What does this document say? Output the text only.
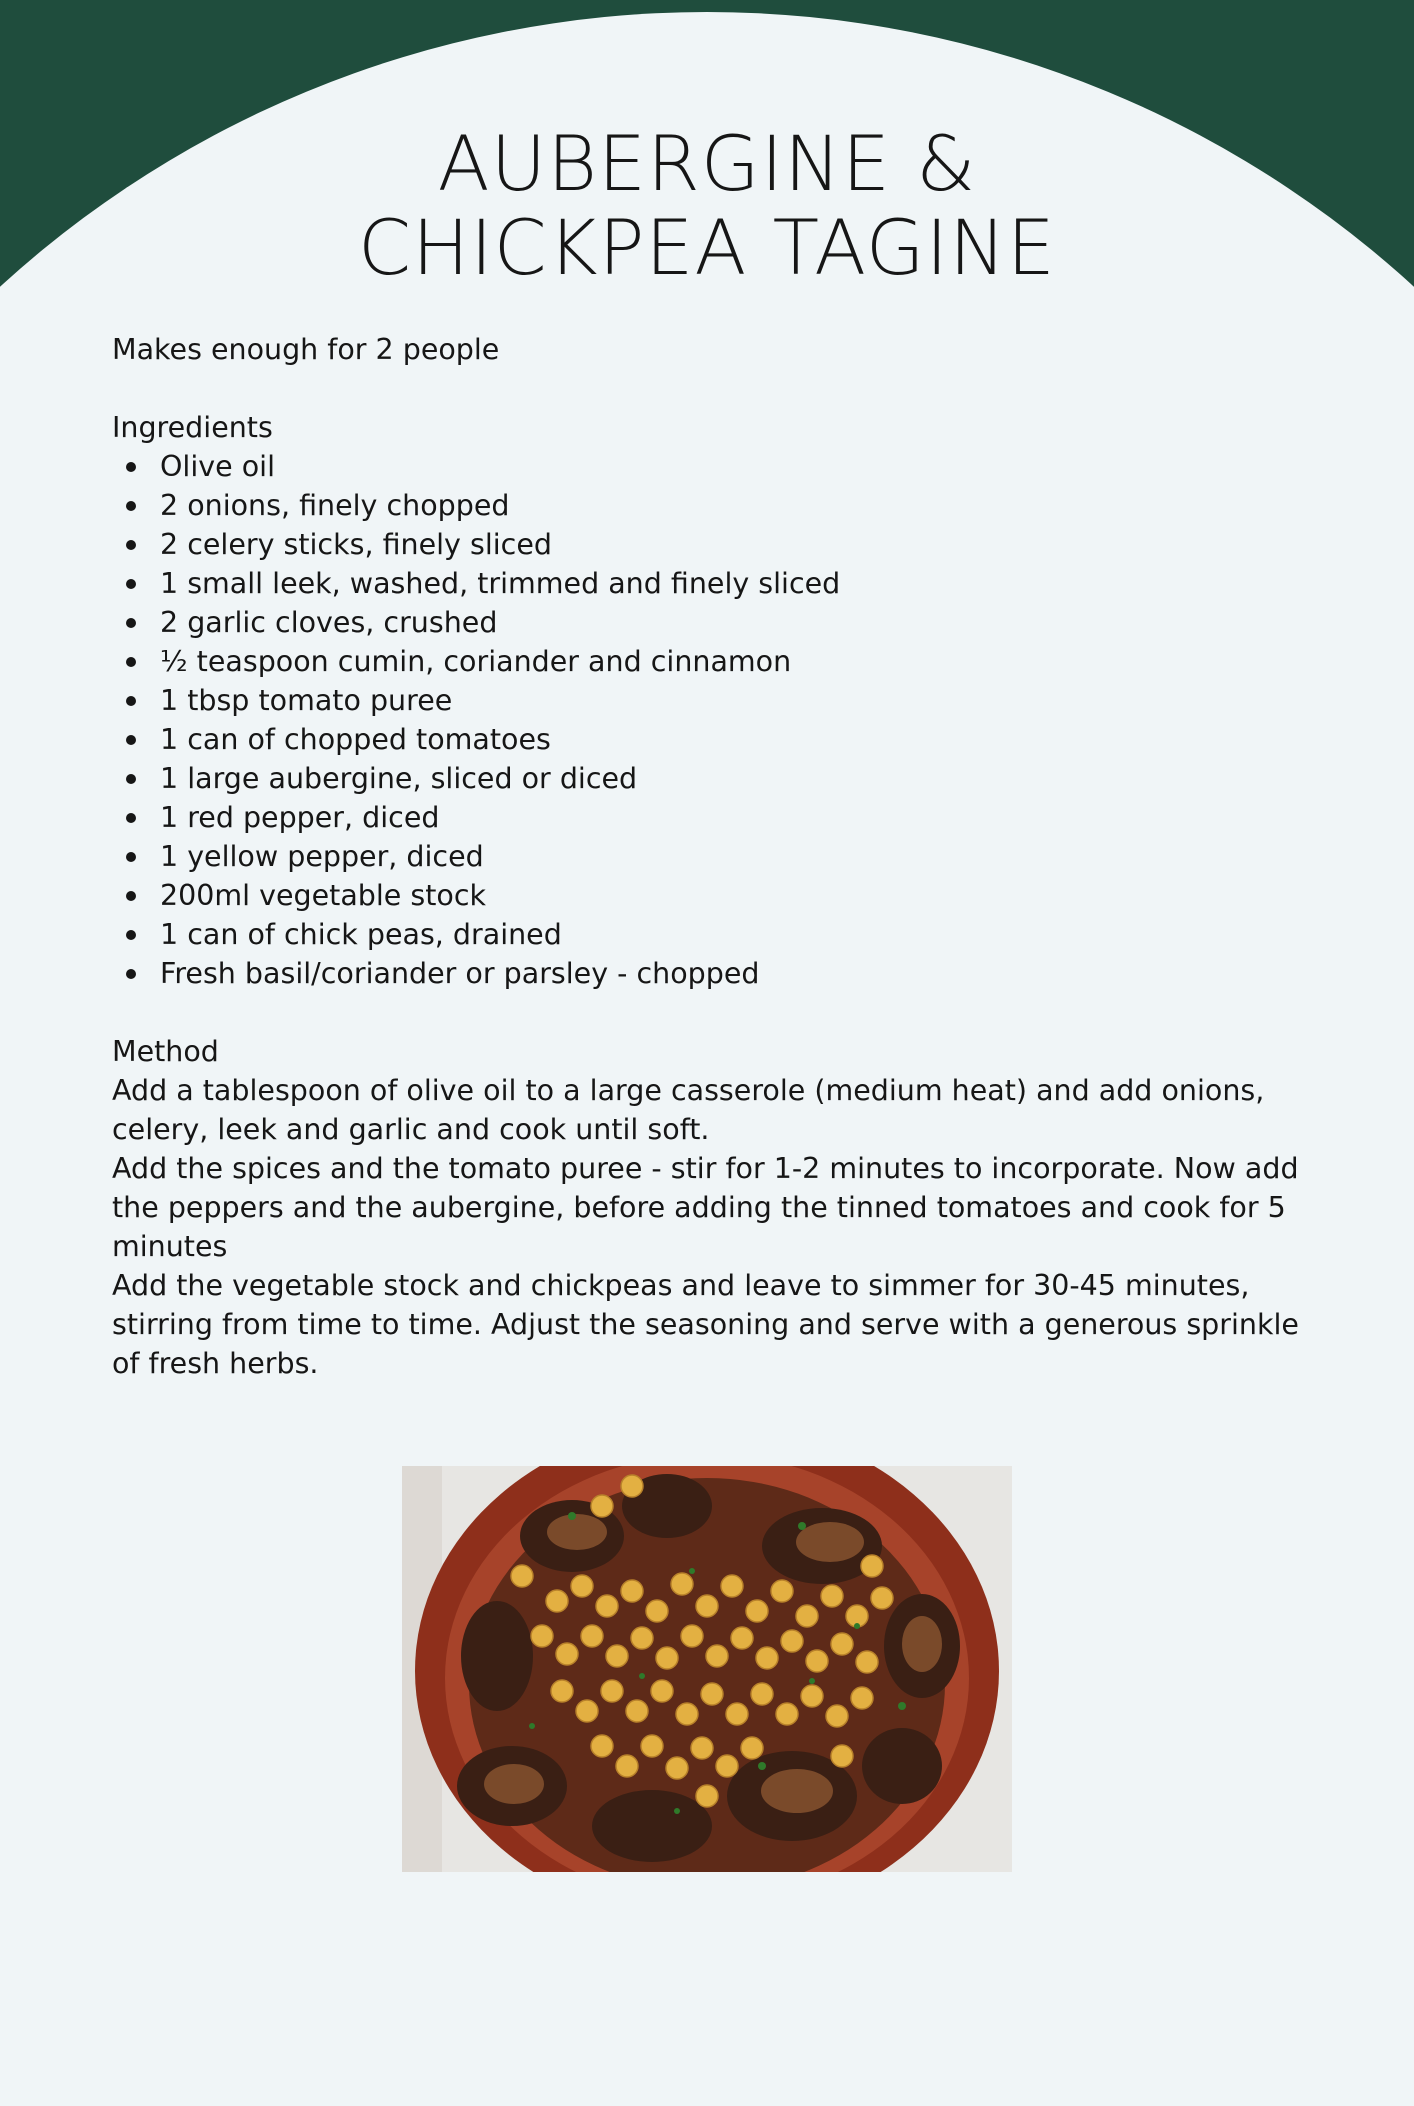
AUBERGINE &
CHICKPEA TAGINE

Makes enough for 2 people

Ingredients

Olive oil
2 onions, finely chopped
2 celery sticks, finely sliced
1 small leek, washed, trimmed and finely sliced
2 garlic cloves, crushed
½ teaspoon cumin, coriander and cinnamon
1 tbsp tomato puree
1 can of chopped tomatoes
1 large aubergine, sliced or diced
1 red pepper, diced
1 yellow pepper, diced
200ml vegetable stock
1 can of chick peas, drained
Fresh basil/coriander or parsley - chopped

Method

Add a tablespoon of olive oil to a large casserole (medium heat) and add onions, celery, leek and garlic and cook until soft.

Add the spices and the tomato puree - stir for 1-2 minutes to incorporate. Now add the peppers and the aubergine, before adding the tinned tomatoes and cook for 5 minutes

Add the vegetable stock and chickpeas and leave to simmer for 30-45 minutes, stirring from time to time. Adjust the seasoning and serve with a generous sprinkle of fresh herbs.
